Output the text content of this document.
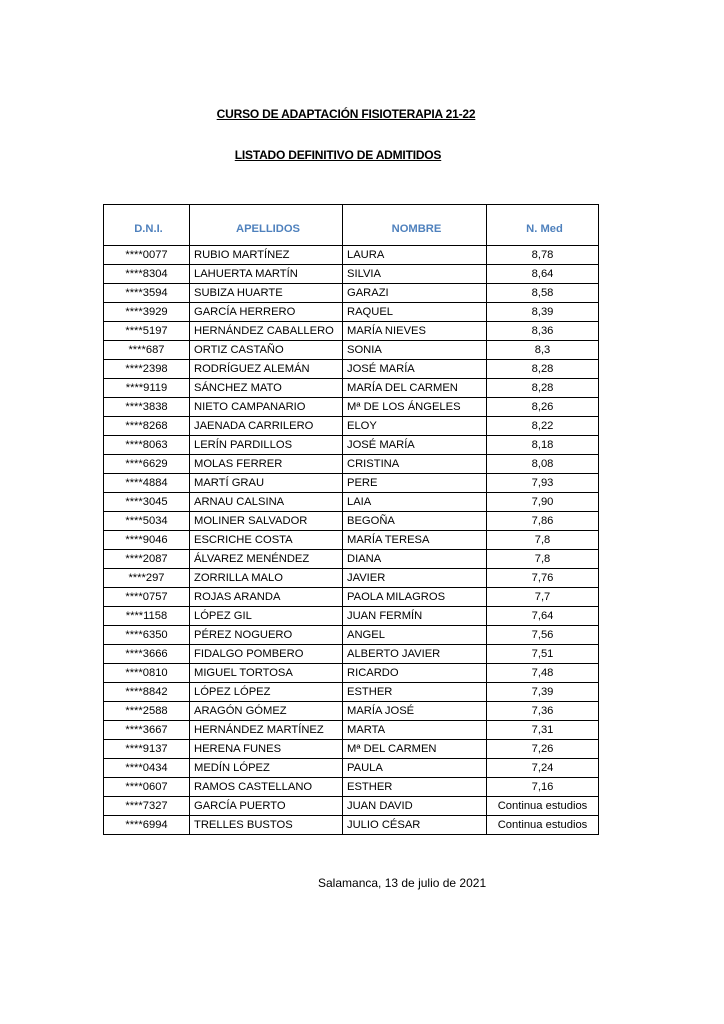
CURSO DE ADAPTACIÓN FISIOTERAPIA 21-22
LISTADO DEFINITIVO DE ADMITIDOS
D.N.I.	APELLIDOS	NOMBRE	N. Med
****0077	RUBIO MARTÍNEZ	LAURA	8,78
****8304	LAHUERTA MARTÍN	SILVIA	8,64
****3594	SUBIZA HUARTE	GARAZI	8,58
****3929	GARCÍA HERRERO	RAQUEL	8,39
****5197	HERNÁNDEZ CABALLERO	MARÍA NIEVES	8,36
****687	ORTIZ CASTAÑO	SONIA	8,3
****2398	RODRÍGUEZ ALEMÁN	JOSÉ MARÍA	8,28
****9119	SÁNCHEZ MATO	MARÍA DEL CARMEN	8,28
****3838	NIETO CAMPANARIO	Mª DE LOS ÁNGELES	8,26
****8268	JAENADA CARRILERO	ELOY	8,22
****8063	LERÍN PARDILLOS	JOSÉ MARÍA	8,18
****6629	MOLAS FERRER	CRISTINA	8,08
****4884	MARTÍ GRAU	PERE	7,93
****3045	ARNAU CALSINA	LAIA	7,90
****5034	MOLINER SALVADOR	BEGOÑA	7,86
****9046	ESCRICHE COSTA	MARÍA TERESA	7,8
****2087	ÁLVAREZ MENÉNDEZ	DIANA	7,8
****297	ZORRILLA MALO	JAVIER	7,76
****0757	ROJAS ARANDA	PAOLA MILAGROS	7,7
****1158	LÓPEZ GIL	JUAN FERMÍN	7,64
****6350	PÉREZ NOGUERO	ANGEL	7,56
****3666	FIDALGO POMBERO	ALBERTO JAVIER	7,51
****0810	MIGUEL TORTOSA	RICARDO	7,48
****8842	LÓPEZ LÓPEZ	ESTHER	7,39
****2588	ARAGÓN GÓMEZ	MARÍA JOSÉ	7,36
****3667	HERNÁNDEZ MARTÍNEZ	MARTA	7,31
****9137	HERENA FUNES	Mª DEL CARMEN	7,26
****0434	MEDÍN LÓPEZ	PAULA	7,24
****0607	RAMOS CASTELLANO	ESTHER	7,16
****7327	GARCÍA PUERTO	JUAN DAVID	Continua estudios
****6994	TRELLES BUSTOS	JULIO CÉSAR	Continua estudios
Salamanca, 13 de julio de 2021
